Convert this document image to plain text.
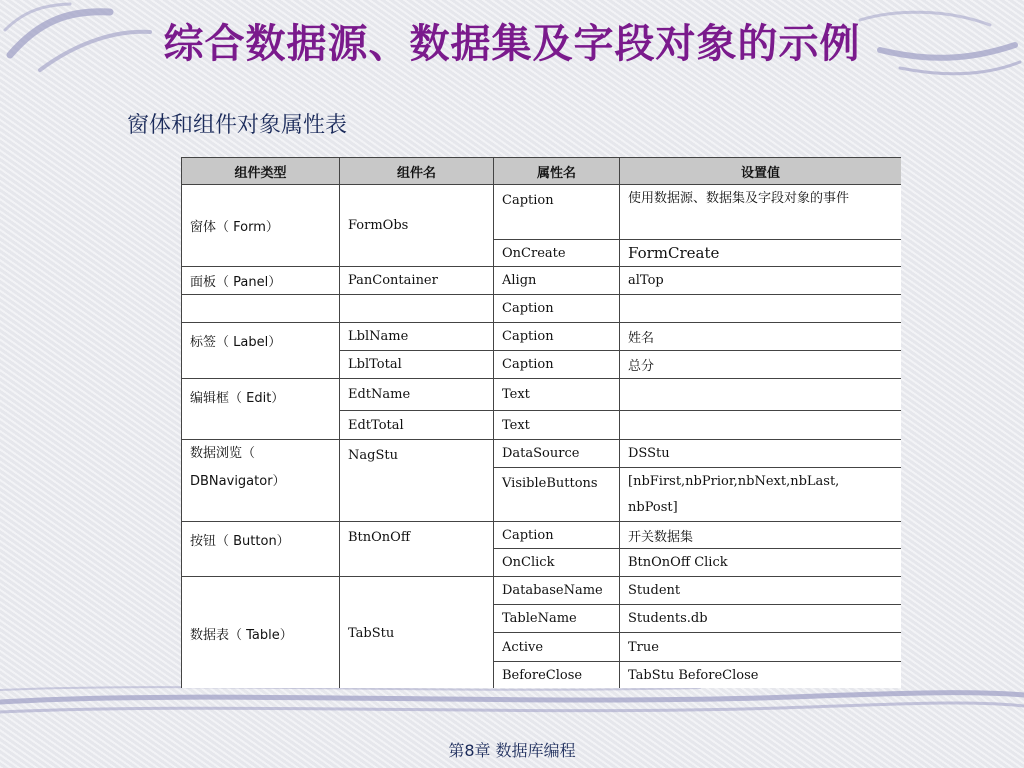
综合数据源、数据集及字段对象的示例
窗体和组件对象属性表
组件类型	组件名	属性名	设置值
窗体（ Form）	FormObs	Caption	使用数据源、数据集及字段对象的事件
		OnCreate	FormCreate
面板（ Panel）	PanContainer	Align	alTop
		Caption	
标签（ Label）	LblName	Caption	姓名
	LblTotal	Caption	总分
编辑框（ Edit）	EdtName	Text	
	EdtTotal	Text	
数据浏览（ DBNavigator）	NagStu	DataSource	DSStu
		VisibleButtons	[nbFirst,nbPrior,nbNext,nbLast, nbPost]
按钮（ Button）	BtnOnOff	Caption	开关数据集
		OnClick	BtnOnOff Click
数据表（ Table）	TabStu	DatabaseName	Student
		TableName	Students.db
		Active	True
		BeforeClose	TabStu BeforeClose
第8章 数据库编程
